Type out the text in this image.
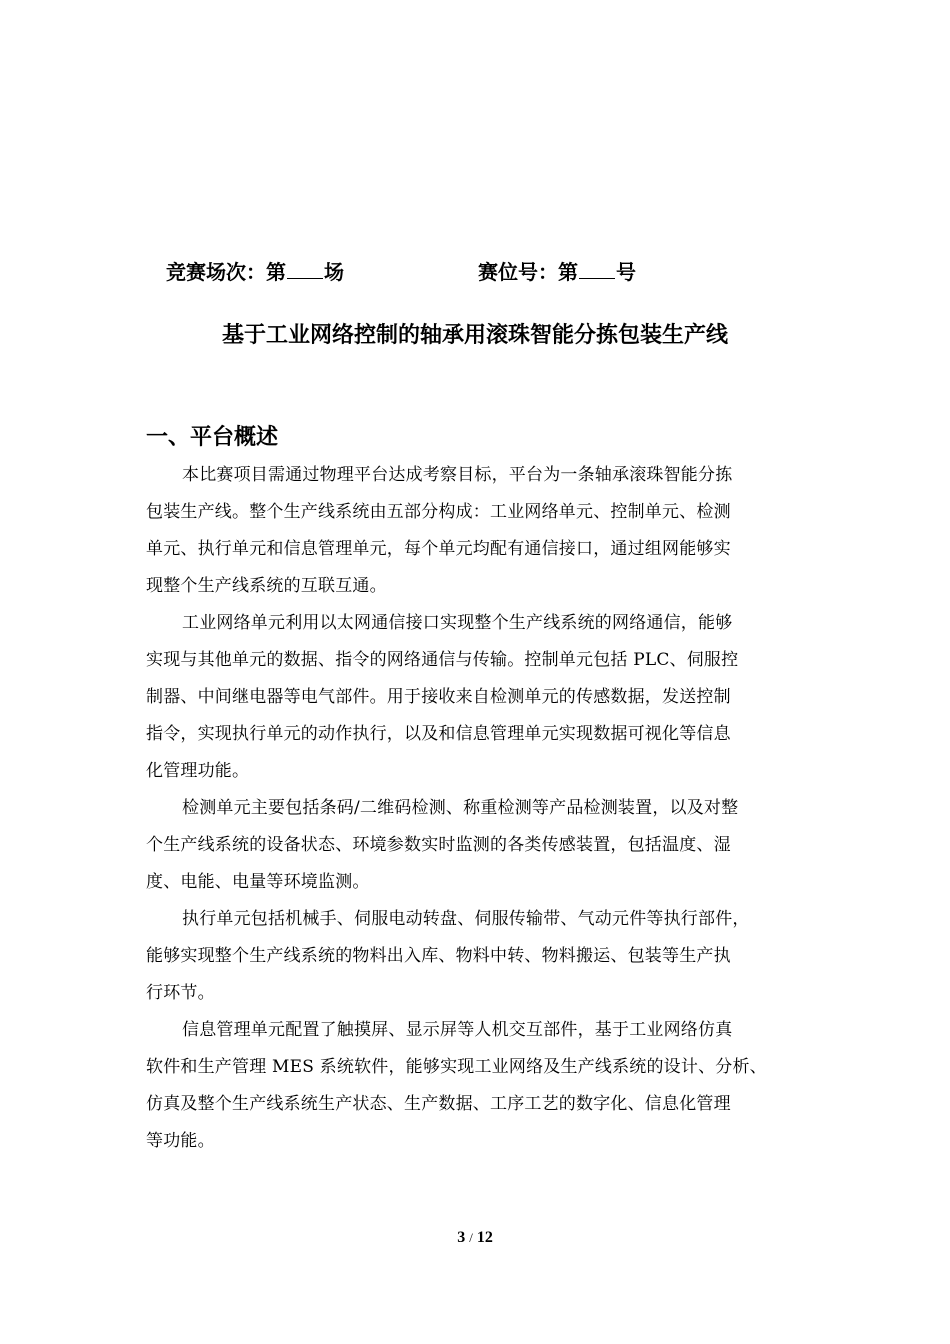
竞赛场次：第 场	赛位号：第 号
基于工业网络控制的轴承用滚珠智能分拣包装生产线
一、平台概述

本比赛项目需通过物理平台达成考察目标，平台为一条轴承滚珠智能分拣
包装生产线。整个生产线系统由五部分构成：工业网络单元、控制单元、检测
单元、执行单元和信息管理单元，每个单元均配有通信接口，通过组网能够实
现整个生产线系统的互联互通。

工业网络单元利用以太网通信接口实现整个生产线系统的网络通信，能够
实现与其他单元的数据、指令的网络通信与传输。控制单元包括 PLC、伺服控
制器、中间继电器等电气部件。用于接收来自检测单元的传感数据，发送控制
指令，实现执行单元的动作执行，以及和信息管理单元实现数据可视化等信息
化管理功能。

检测单元主要包括条码/二维码检测、称重检测等产品检测装置，以及对整
个生产线系统的设备状态、环境参数实时监测的各类传感装置，包括温度、湿
度、电能、电量等环境监测。

执行单元包括机械手、伺服电动转盘、伺服传输带、气动元件等执行部件，
能够实现整个生产线系统的物料出入库、物料中转、物料搬运、包装等生产执
行环节。

信息管理单元配置了触摸屏、显示屏等人机交互部件，基于工业网络仿真
软件和生产管理 MES 系统软件，能够实现工业网络及生产线系统的设计、分析、
仿真及整个生产线系统生产状态、生产数据、工序工艺的数字化、信息化管理
等功能。

3 / 12
